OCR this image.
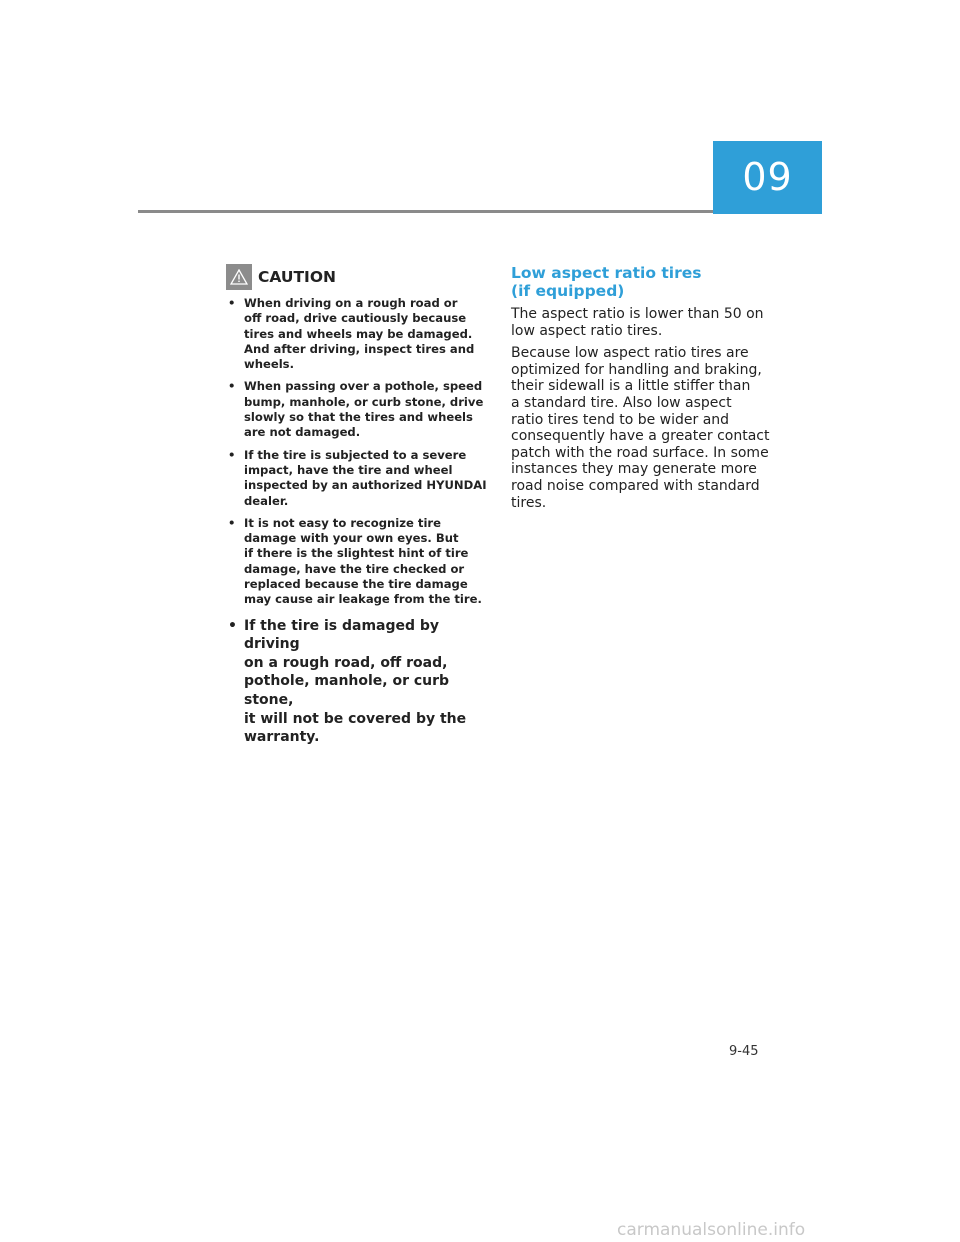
09
CAUTION
• When driving on a rough road or
off road, drive cautiously because
tires and wheels may be damaged.
And after driving, inspect tires and
wheels.
• When passing over a pothole, speed
bump, manhole, or curb stone, drive
slowly so that the tires and wheels
are not damaged.
• If the tire is subjected to a severe
impact, have the tire and wheel
inspected by an authorized HYUNDAI
dealer.
• It is not easy to recognize tire
damage with your own eyes. But
if there is the slightest hint of tire
damage, have the tire checked or
replaced because the tire damage
may cause air leakage from the tire.
• If the tire is damaged by driving
on a rough road, off road,
pothole, manhole, or curb stone,
it will not be covered by the
warranty.
Low aspect ratio tires
(if equipped)

The aspect ratio is lower than 50 on
low aspect ratio tires.

Because low aspect ratio tires are
optimized for handling and braking,
their sidewall is a little stiffer than
a standard tire. Also low aspect
ratio tires tend to be wider and
consequently have a greater contact
patch with the road surface. In some
instances they may generate more
road noise compared with standard
tires.

9-45
carmanualsonline.info
